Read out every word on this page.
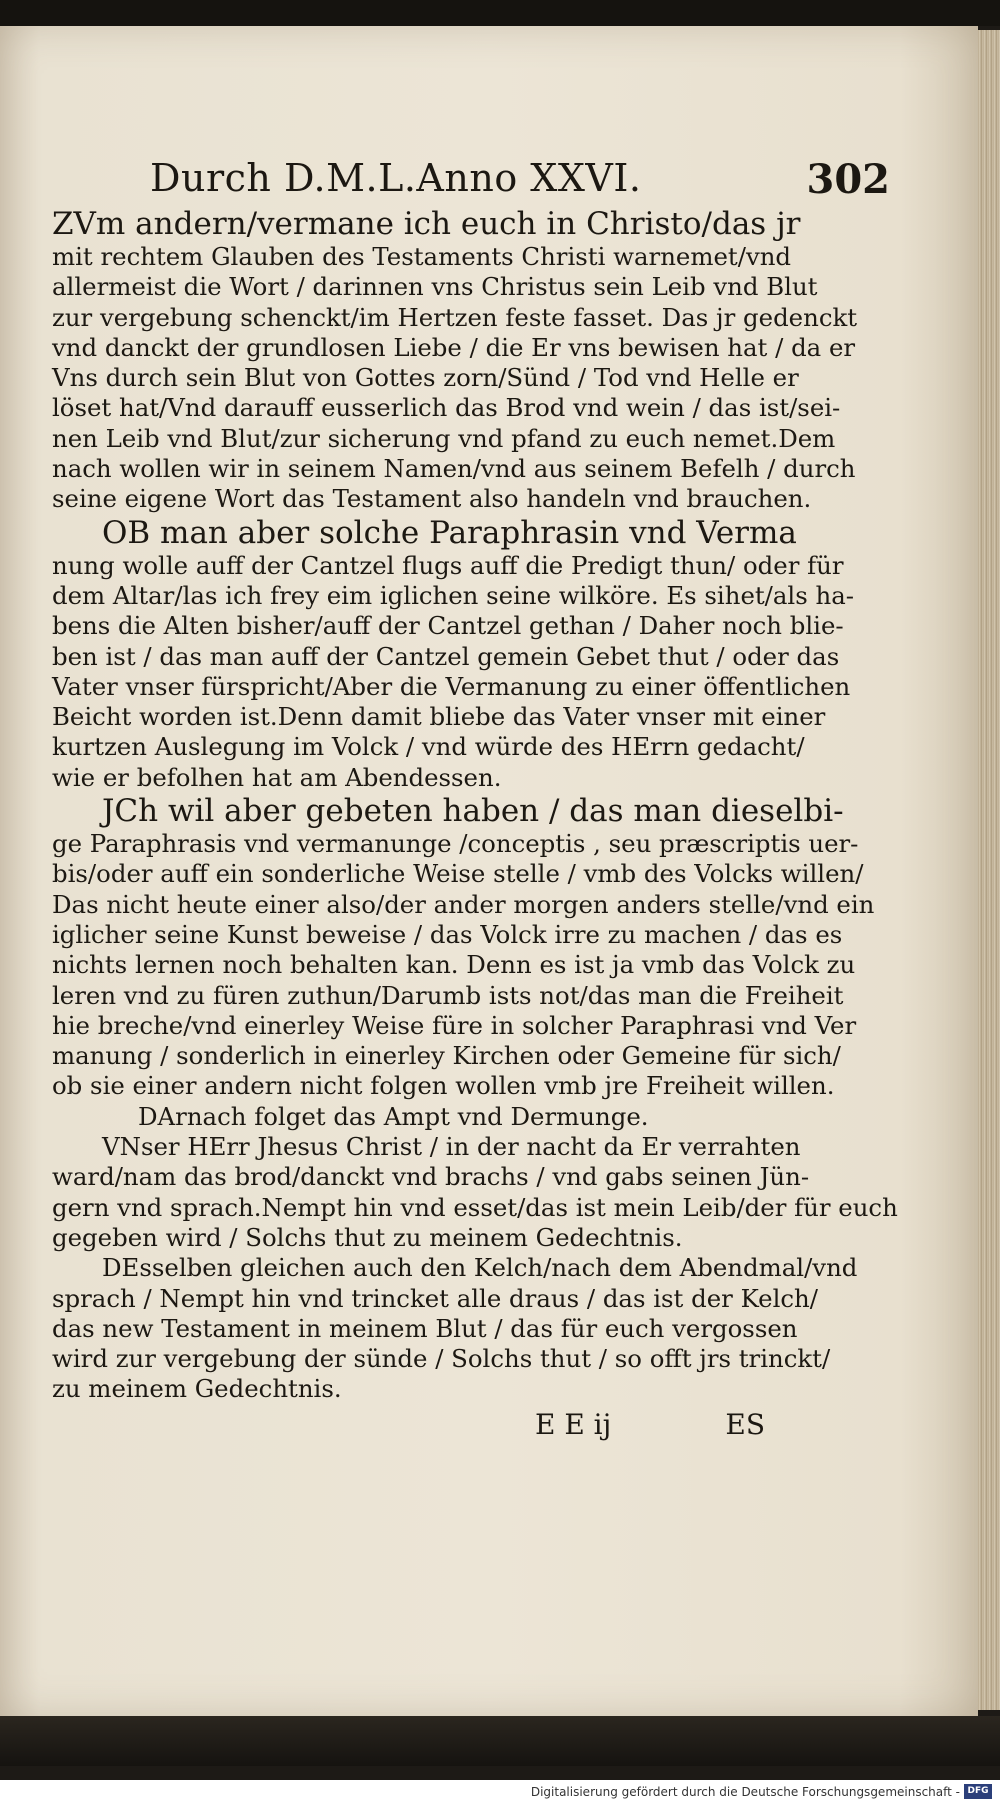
Durch D.M.L.Anno XXVI.	302
ZVm andern/vermane ich euch in Christo/das jr
mit rechtem Glauben des Testaments Christi warnemet/vnd
allermeist die Wort / darinnen vns Christus sein Leib vnd Blut
zur vergebung schenckt/im Hertzen feste fasset. Das jr gedenckt
vnd danckt der grundlosen Liebe / die Er vns bewisen hat / da er
Vns durch sein Blut von Gottes zorn/Sünd / Tod vnd Helle er
löset hat/Vnd darauff eusserlich das Brod vnd wein / das ist/sei-
nen Leib vnd Blut/zur sicherung vnd pfand zu euch nemet.Dem
nach wollen wir in seinem Namen/vnd aus seinem Befelh / durch
seine eigene Wort das Testament also handeln vnd brauchen.
OB man aber solche Paraphrasin vnd Verma
nung wolle auff der Cantzel flugs auff die Predigt thun/ oder für
dem Altar/las ich frey eim iglichen seine wilköre. Es sihet/als ha-
bens die Alten bisher/auff der Cantzel gethan / Daher noch blie-
ben ist / das man auff der Cantzel gemein Gebet thut / oder das
Vater vnser fürspricht/Aber die Vermanung zu einer öffentlichen
Beicht worden ist.Denn damit bliebe das Vater vnser mit einer
kurtzen Auslegung im Volck / vnd würde des HErrn gedacht/
wie er befolhen hat am Abendessen.
JCh wil aber gebeten haben / das man dieselbi-
ge Paraphrasis vnd vermanunge /conceptis , seu præscriptis uer-
bis/oder auff ein sonderliche Weise stelle / vmb des Volcks willen/
Das nicht heute einer also/der ander morgen anders stelle/vnd ein
iglicher seine Kunst beweise / das Volck irre zu machen / das es
nichts lernen noch behalten kan. Denn es ist ja vmb das Volck zu
leren vnd zu füren zuthun/Darumb ists not/das man die Freiheit
hie breche/vnd einerley Weise füre in solcher Paraphrasi vnd Ver
manung / sonderlich in einerley Kirchen oder Gemeine für sich/
ob sie einer andern nicht folgen wollen vmb jre Freiheit willen.
DArnach folget das Ampt vnd Dermunge.
VNser HErr Jhesus Christ / in der nacht da Er verrahten
ward/nam das brod/danckt vnd brachs / vnd gabs seinen Jün-
gern vnd sprach.Nempt hin vnd esset/das ist mein Leib/der für euch
gegeben wird / Solchs thut zu meinem Gedechtnis.
DEsselben gleichen auch den Kelch/nach dem Abendmal/vnd
sprach / Nempt hin vnd trincket alle draus / das ist der Kelch/
das new Testament in meinem Blut / das für euch vergossen
wird zur vergebung der sünde / Solchs thut / so offt jrs trinckt/
zu meinem Gedechtnis.
E E ij	ES
Digitalisierung gefördert durch die Deutsche Forschungsgemeinschaft - DFG
